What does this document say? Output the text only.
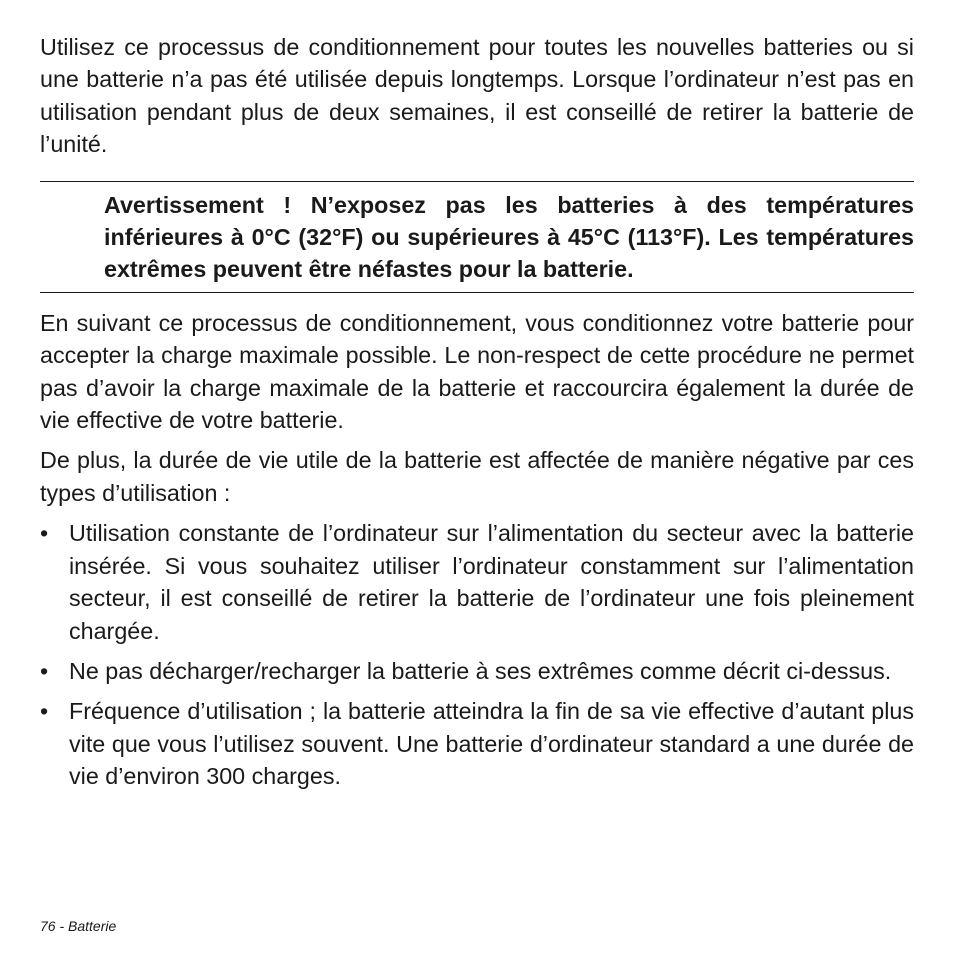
Utilisez ce processus de conditionnement pour toutes les nouvelles batteries ou si une batterie n’a pas été utilisée depuis longtemps. Lorsque l’ordinateur n’est pas en utilisation pendant plus de deux semaines, il est conseillé de retirer la batterie de l’unité.

Avertissement ! N’exposez pas les batteries à des températures inférieures à 0°C (32°F) ou supérieures à 45°C (113°F). Les températures extrêmes peuvent être néfastes pour la batterie.

En suivant ce processus de conditionnement, vous conditionnez votre batterie pour accepter la charge maximale possible. Le non-respect de cette procédure ne permet pas d’avoir la charge maximale de la batterie et raccourcira également la durée de vie effective de votre batterie.

De plus, la durée de vie utile de la batterie est affectée de manière négative par ces types d’utilisation :

• Utilisation constante de l’ordinateur sur l’alimentation du secteur avec la batterie insérée. Si vous souhaitez utiliser l’ordinateur constamment sur l’alimentation secteur, il est conseillé de retirer la batterie de l’ordinateur une fois pleinement chargée.

• Ne pas décharger/recharger la batterie à ses extrêmes comme décrit ci-dessus.

• Fréquence d’utilisation ; la batterie atteindra la fin de sa vie effective d’autant plus vite que vous l’utilisez souvent. Une batterie d’ordinateur standard a une durée de vie d’environ 300 charges.

76 - Batterie
